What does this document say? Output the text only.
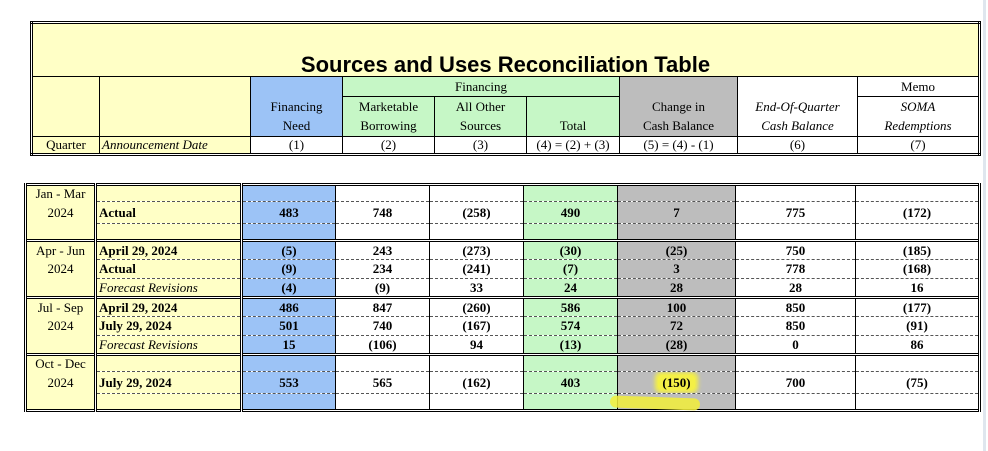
Sources and Uses Reconciliation Table								
			Financing					Memo
		Financing	Marketable	All Other		Change in	End-Of-Quarter	SOMA
		Need	Borrowing	Sources	Total	Cash Balance	Cash Balance	Redemptions
Quarter	Announcement Date	(1)	(2)	(3)	(4) = (2) + (3)	(5) = (4) - (1)	(6)	(7)
Jan - Mar								
2024	Actual	483	748	(258)	490	7	775	(172)

Apr - Jun	April 29, 2024	(5)	243	(273)	(30)	(25)	750	(185)
2024	Actual	(9)	234	(241)	(7)	3	778	(168)
	Forecast Revisions	(4)	(9)	33	24	28	28	16
Jul - Sep	April 29, 2024	486	847	(260)	586	100	850	(177)
2024	July 29, 2024	501	740	(167)	574	72	850	(91)
	Forecast Revisions	15	(106)	94	(13)	(28)	0	86
Oct - Dec								
2024	July 29, 2024	553	565	(162)	403	(150)	700	(75)
